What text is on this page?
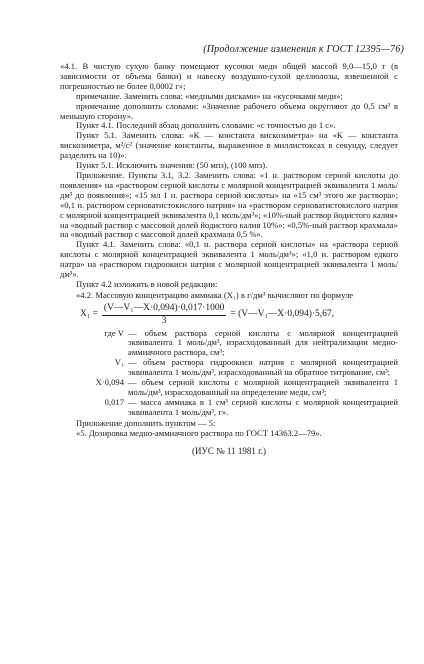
(Продолжение изменения к ГОСТ 12395—76)

«4.1. В чистую сухую банку помещают кусочки меди общей массой 9,0—15,0 г (в зависимости от объема банки) и навеску воздушно-сухой целлюлозы, взвешенной с погрешностью не более 0,0002 г»;

примечание. Заменить слова: «медными дисками» на «кусочками меди»;

примечание дополнить словами: «Значение рабочего объема округляют до 0,5 см³ в меньшую сторону».

Пункт 4.1. Последний абзац дополнить словами: «с точностью до 1 с».

Пункт 5.1. Заменить слова: «К — константа вискозиметра» на «К — константа вискозиметра, м²/с² (значение константы, выраженное в миллистоксах в секунду, следует разделить на 10)».

Пункт 5.1. Исключить значения: (50 мпз), (100 мпз).

Приложение. Пункты 3.1, 3.2. Заменить слова: «1 н. раствором серной кислоты до появления» на «раствором серной кислоты с молярной концентрацией эквивалента 1 моль/дм³ до появления»; «15 мл 1 н. раствора серной кислоты» на «15 см³ этого же раствора»; «0,1 н. раствором серноватистокислого натрия» на «раствором серноватистокислого натрия с молярной концентрацией эквивалента 0,1 моль/дм³»; «10%-ный раствор йодистого калия» на «водный раствор с массовой долей йодистого калия 10%»; «0,5%-ный раствор крахмала» на «водный раствор с массовой долей крахмала 0,5 %».

Пункт 4.1. Заменить слова: «0,1 н. раствора серной кислоты» на «раствора серной кислоты с молярной концентрацией эквивалента 1 моль/дм³»; «1,0 н. раствором едкого натра» на «раствором гидроокиси натрия с молярной концентрацией эквивалента 1 моль/дм³».

Пункт 4.2 изложить в новой редакции:

«4.2. Массовую концентрацию аммиака (X₁) в г/дм³ вычисляют по формуле

$X_1 = \frac{\text{(V—V₁—X·0,094)·0,017·1000}}{3}$ = (V—V₁—X·0,094)·5,67,
где V — объем раствора серной кислоты с молярной концентрацией эквивалента 1 моль/дм³, израсходованный для нейтрализации медно-аммиачного раствора, см³;
V₁ — объем раствора гидроокиси натрия с молярной концентрацией эквивалента 1 моль/дм³, израсходованный на обратное титрование, см³;
X·0,094 — объем серной кислоты с молярной концентрацией эквивалента 1 моль/дм³, израсходованный на определение меди, см³;
0,017 — масса аммиака в 1 см³ серной кислоты с молярной концентрацией эквивалента 1 моль/дм³, г».

Приложение дополнить пунктом — 5:

«5. Дозировка медно-аммиачного раствора по ГОСТ 14363.2—79».

(ИУС № 11 1981 г.)
